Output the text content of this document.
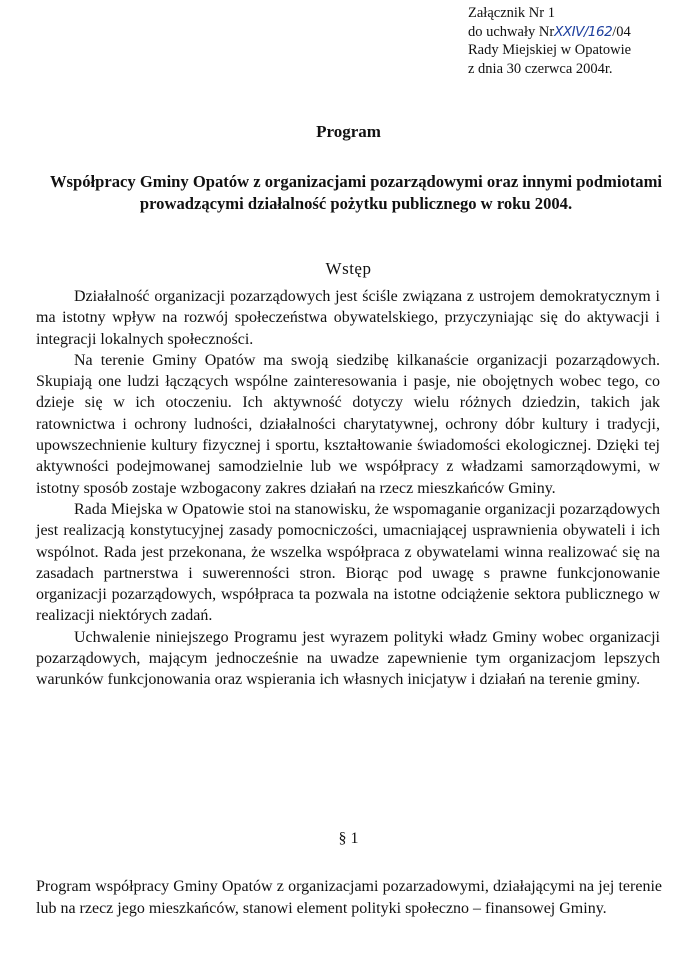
Załącznik Nr 1
do uchwały NrXXIV/162/04
Rady Miejskiej w Opatowie
z dnia 30 czerwca 2004r.
Program
Współpracy Gminy Opatów z organizacjami pozarządowymi oraz innymi podmiotami prowadzącymi działalność pożytku publicznego w roku 2004.
Wstęp

Działalność organizacji pozarządowych jest ściśle związana z ustrojem demokratycznym i ma istotny wpływ na rozwój społeczeństwa obywatelskiego, przyczyniając się do aktywacji i integracji lokalnych społeczności.

Na terenie Gminy Opatów ma swoją siedzibę kilkanaście organizacji pozarządowych. Skupiają one ludzi łączących wspólne zainteresowania i pasje, nie obojętnych wobec tego, co dzieje się w ich otoczeniu. Ich aktywność dotyczy wielu różnych dziedzin, takich jak ratownictwa i ochrony ludności, działalności charytatywnej, ochrony dóbr kultury i tradycji, upowszechnienie kultury fizycznej i sportu, kształtowanie świadomości ekologicznej. Dzięki tej aktywności podejmowanej samodzielnie lub we współpracy z władzami samorządowymi, w istotny sposób zostaje wzbogacony zakres działań na rzecz mieszkańców Gminy.

Rada Miejska w Opatowie stoi na stanowisku, że wspomaganie organizacji pozarządowych jest realizacją konstytucyjnej zasady pomocniczości, umacniającej usprawnienia obywateli i ich wspólnot. Rada jest przekonana, że wszelka współpraca z obywatelami winna realizować się na zasadach partnerstwa i suwerenności stron. Biorąc pod uwagę s prawne funkcjonowanie organizacji pozarządowych, współpraca ta pozwala na istotne odciążenie sektora publicznego w realizacji niektórych zadań.

Uchwalenie niniejszego Programu jest wyrazem polityki władz Gminy wobec organizacji pozarządowych, mającym jednocześnie na uwadze zapewnienie tym organizacjom lepszych warunków funkcjonowania oraz wspierania ich własnych inicjatyw i działań na terenie gminy.

§ 1

Program współpracy Gminy Opatów z organizacjami pozarzadowymi, działającymi na jej terenie lub na rzecz jego mieszkańców, stanowi element polityki społeczno – finansowej Gminy.
